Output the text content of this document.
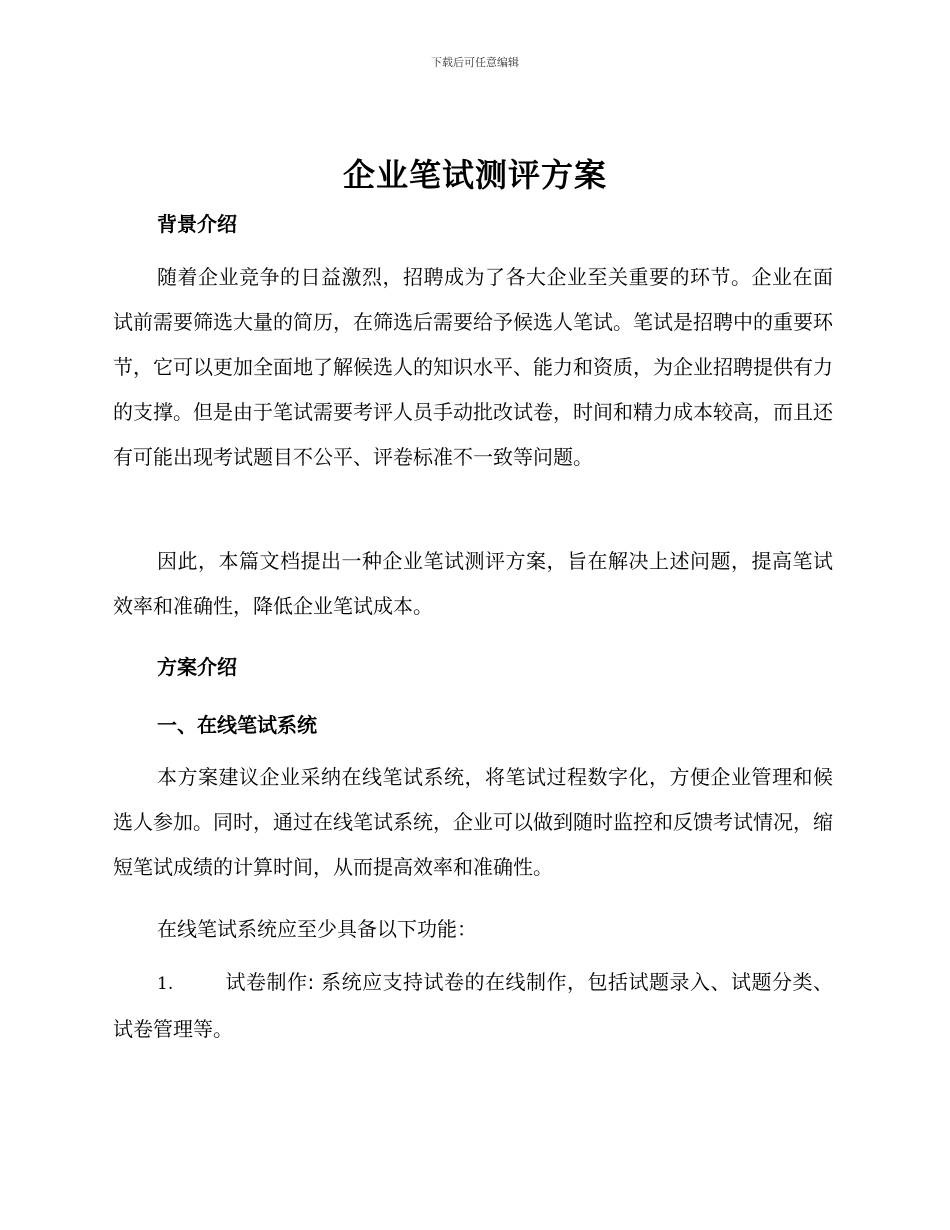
下载后可任意编辑
企业笔试测评方案
背景介绍
随着企业竞争的日益激烈，招聘成为了各大企业至关重要的环节。企业在面试前需要筛选大量的简历，在筛选后需要给予候选人笔试。笔试是招聘中的重要环节，它可以更加全面地了解候选人的知识水平、能力和资质，为企业招聘提供有力的支撑。但是由于笔试需要考评人员手动批改试卷，时间和精力成本较高，而且还有可能出现考试题目不公平、评卷标准不一致等问题。
因此，本篇文档提出一种企业笔试测评方案，旨在解决上述问题，提高笔试效率和准确性，降低企业笔试成本。
方案介绍
一、在线笔试系统
本方案建议企业采纳在线笔试系统，将笔试过程数字化，方便企业管理和候选人参加。同时，通过在线笔试系统，企业可以做到随时监控和反馈考试情况，缩短笔试成绩的计算时间，从而提高效率和准确性。
在线笔试系统应至少具备以下功能：
1.	试卷制作: 系统应支持试卷的在线制作，包括试题录入、试题分类、试卷管理等。
